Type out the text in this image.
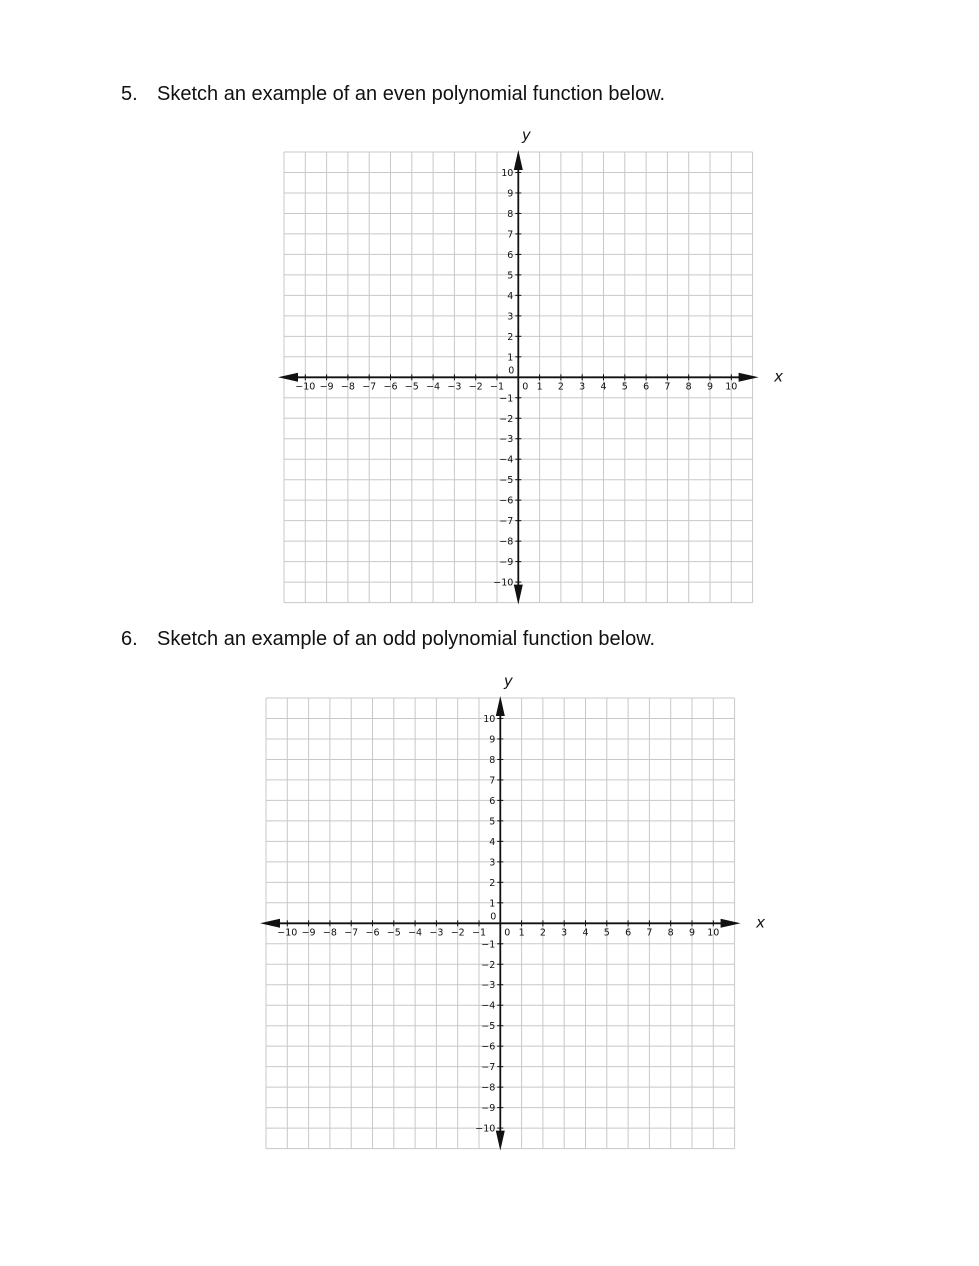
5. Sketch an example of an even polynomial function below.
y
x
−10 −9 −8 −7 −6 −5 −4 −3 −2 −1	1 2 3 4 5 6 7 8 9 10
0
0
10
9
8
7
6
5
4
3
2
1
−1
−2
−3
−4
−5
−6
−7
−8
−9
−10
6. Sketch an example of an odd polynomial function below.
y
x
−10 −9 −8 −7 −6 −5 −4 −3 −2 −1	1 2 3 4 5 6 7 8 9 10
0
0
10
9
8
7
6
5
4
3
2
1
−1
−2
−3
−4
−5
−6
−7
−8
−9
−10
